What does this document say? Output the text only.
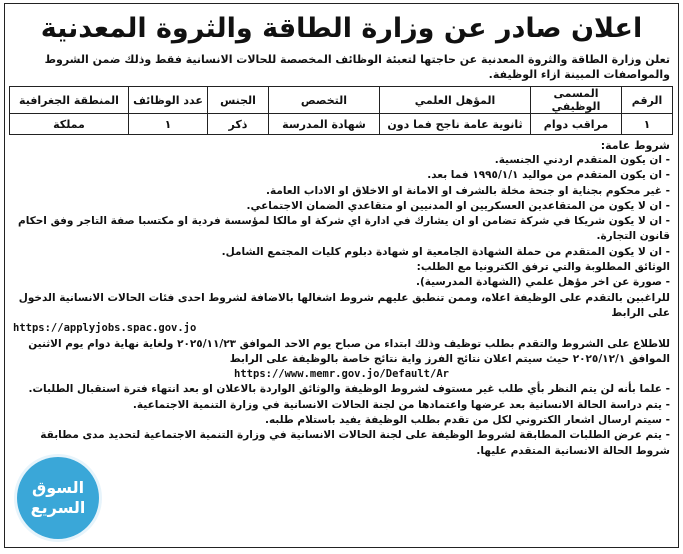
اعلان صادر عن وزارة الطاقة والثروة المعدنية

تعلن وزارة الطاقة والثروة المعدنية عن حاجتها لتعبئة الوظائف المخصصة للحالات الانسانية فقط وذلك ضمن الشروط والمواصفات المبينة ازاء الوظيفة.

الرقم	المسمى الوظيفي	المؤهل العلمي	التخصص	الجنس	عدد الوظائف	المنطقة الجغرافية
١	مراقب دوام	ثانوية عامة ناجح فما دون	شهادة المدرسة	ذكر	١	مملكة
شروط عامة:

- ان يكون المتقدم اردني الجنسية.

- ان يكون المتقدم من مواليد ١٩٩٥/١/١ فما بعد.

- غير محكوم بجناية او جنحة مخلة بالشرف او الامانة او الاخلاق او الاداب العامة.

- ان لا يكون من المتقاعدين العسكريين او المدنيين او متقاعدي الضمان الاجتماعي.

- ان لا يكون شريكا في شركة تضامن او ان يشارك في ادارة اي شركة او مالكا لمؤسسة فردية او مكتسبا صفة التاجر وفق احكام قانون التجارة.

- ان لا يكون المتقدم من حملة الشهادة الجامعية او شهادة دبلوم كليات المجتمع الشامل.

الوثائق المطلوبة والتي ترفق الكترونيا مع الطلب:

- صورة عن اخر مؤهل علمي (الشهادة المدرسية).

للراغبين بالتقدم على الوظيفة اعلاه، وممن تنطبق عليهم شروط اشغالها بالاضافة لشروط احدى فئات الحالات الانسانية الدخول على الرابط

https://applyjobs.spac.gov.jo

للاطلاع على الشروط والتقدم بطلب توظيف وذلك ابتداء من صباح يوم الاحد الموافق ٢٠٢٥/١١/٢٣ ولغاية نهاية دوام يوم الاثنين الموافق ٢٠٢٥/١٢/١ حيث سيتم اعلان نتائج الفرز واية نتائج خاصة بالوظيفة على الرابط

https://www.memr.gov.jo/Default/Ar

- علما بأنه لن يتم النظر بأي طلب غير مستوف لشروط الوظيفة والوثائق الواردة بالاعلان او بعد انتهاء فترة استقبال الطلبات.

- يتم دراسة الحالة الانسانية بعد عرضها واعتمادها من لجنة الحالات الانسانية في وزارة التنمية الاجتماعية.

- سيتم ارسال اشعار الكتروني لكل من تقدم بطلب الوظيفة يفيد باستلام طلبه.

- يتم عرض الطلبات المطابقة لشروط الوظيفة على لجنة الحالات الانسانية في وزارة التنمية الاجتماعية لتحديد مدى مطابقة شروط الحالة الانسانية المتقدم عليها.

السوق
السريع
